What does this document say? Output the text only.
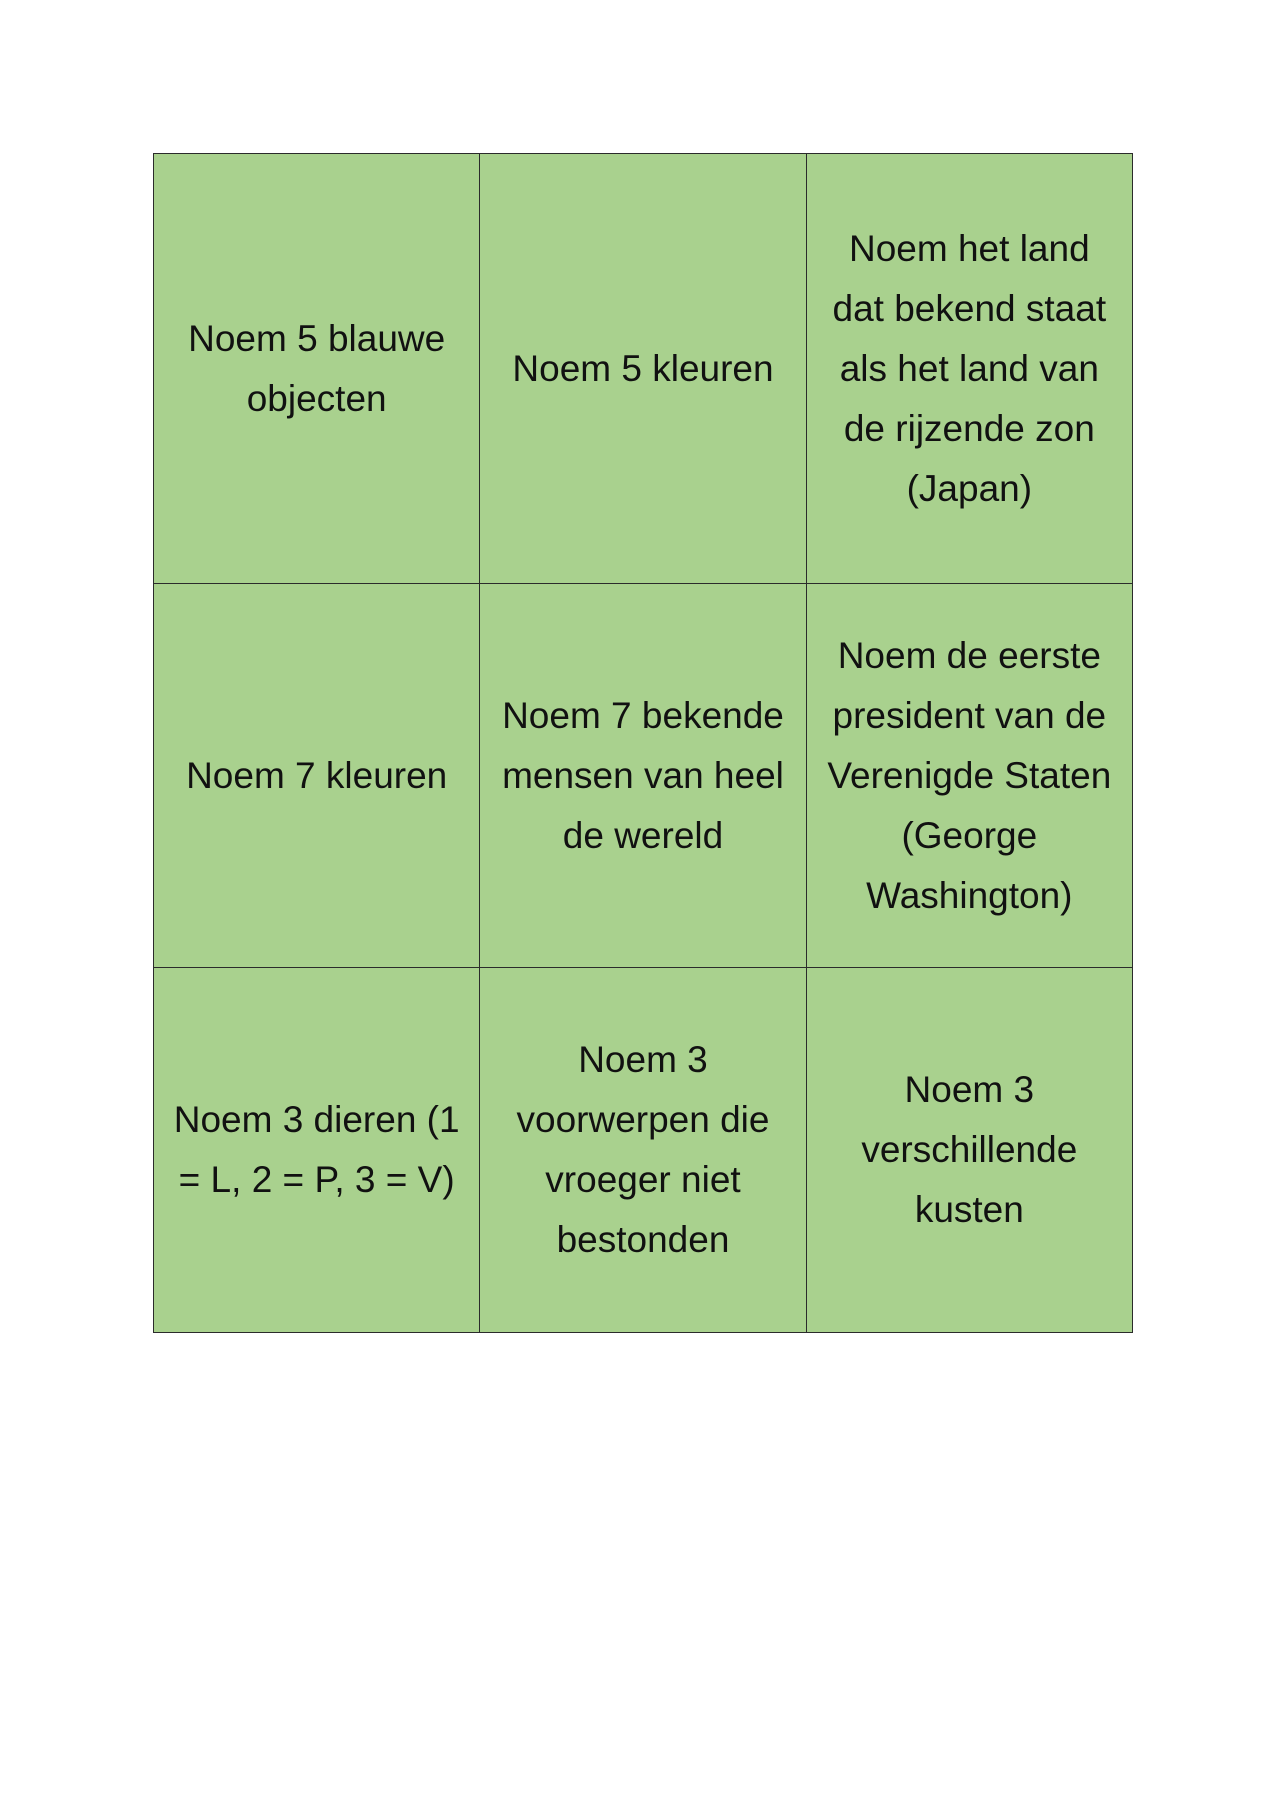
Noem 5 blauwe objecten
Noem 5 kleuren
Noem het land dat bekend staat als het land van de rijzende zon (Japan)
Noem 7 kleuren
Noem 7 bekende mensen van heel de wereld
Noem de eerste president van de Verenigde Staten (George Washington)
Noem 3 dieren (1 = L, 2 = P, 3 = V)
Noem 3 voorwerpen die vroeger niet bestonden
Noem 3 verschillende kusten
